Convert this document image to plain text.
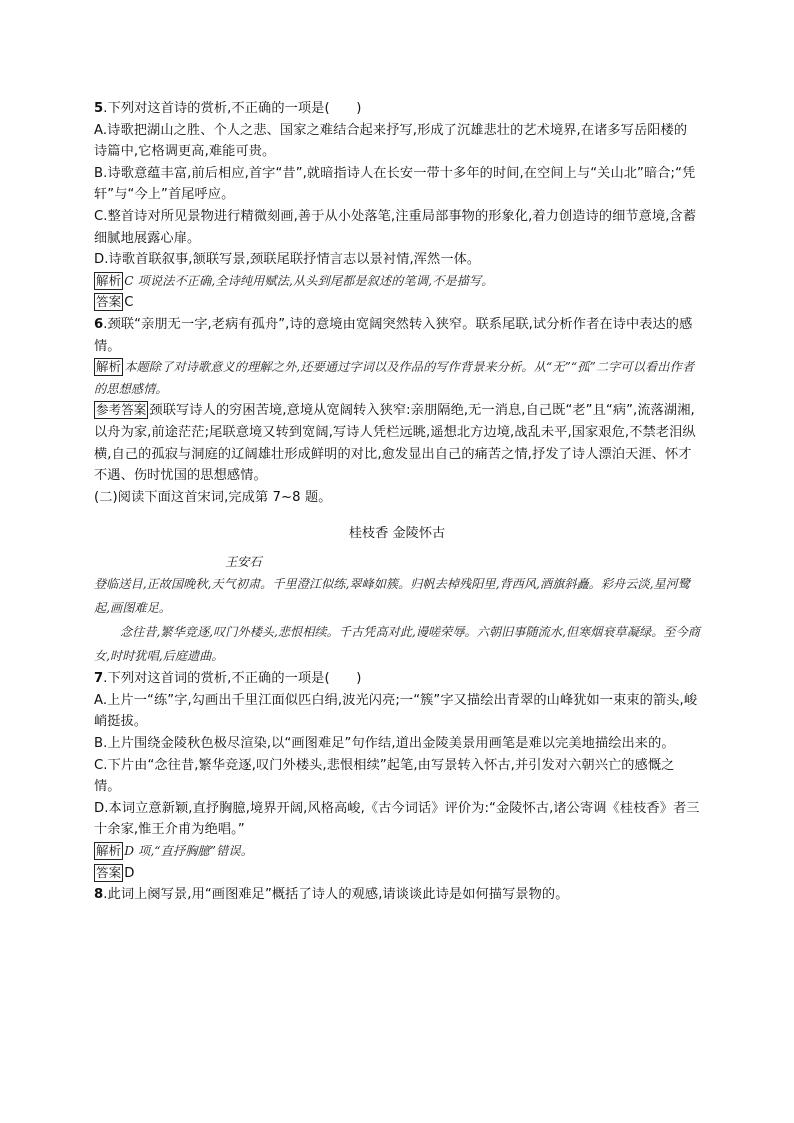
5.下列对这首诗的赏析,不正确的一项是(　　)

A.诗歌把湖山之胜、个人之悲、国家之难结合起来抒写,形成了沉雄悲壮的艺术境界,在诸多写岳阳楼的诗篇中,它格调更高,难能可贵。

B.诗歌意蕴丰富,前后相应,首字“昔”,就暗指诗人在长安一带十多年的时间,在空间上与“关山北”暗合;“凭轩”与“今上”首尾呼应。

C.整首诗对所见景物进行精微刻画,善于从小处落笔,注重局部事物的形象化,着力创造诗的细节意境,含蓄细腻地展露心扉。

D.诗歌首联叙事,颔联写景,颈联尾联抒情言志以景衬情,浑然一体。

解析 C 项说法不正确,全诗纯用赋法,从头到尾都是叙述的笔调,不是描写。

答案 C

6.颈联“亲朋无一字,老病有孤舟”,诗的意境由宽阔突然转入狭窄。联系尾联,试分析作者在诗中表达的感情。

解析 本题除了对诗歌意义的理解之外,还要通过字词以及作品的写作背景来分析。从“无”“孤”二字可以看出作者的思想感情。

参考答案 颈联写诗人的穷困苦境,意境从宽阔转入狭窄:亲朋隔绝,无一消息,自己既“老”且“病”,流落湖湘,以舟为家,前途茫茫;尾联意境又转到宽阔,写诗人凭栏远眺,遥想北方边境,战乱未平,国家艰危,不禁老泪纵横,自己的孤寂与洞庭的辽阔雄壮形成鲜明的对比,愈发显出自己的痛苦之情,抒发了诗人漂泊天涯、怀才不遇、伤时忧国的思想感情。

(二)阅读下面这首宋词,完成第 7~8 题。

桂枝香 金陵怀古

王安石

登临送目,正故国晚秋,天气初肃。千里澄江似练,翠峰如簇。归帆去棹残阳里,背西风,酒旗斜矗。彩舟云淡,星河鹭起,画图难足。

念往昔,繁华竞逐,叹门外楼头,悲恨相续。千古凭高对此,谩嗟荣辱。六朝旧事随流水,但寒烟衰草凝绿。至今商女,时时犹唱,后庭遗曲。

7.下列对这首词的赏析,不正确的一项是(　　)

A.上片一“练”字,勾画出千里江面似匹白绢,波光闪亮;一“簇”字又描绘出青翠的山峰犹如一束束的箭头,峻峭挺拔。

B.上片围绕金陵秋色极尽渲染,以“画图难足”句作结,道出金陵美景用画笔是难以完美地描绘出来的。

C.下片由“念往昔,繁华竞逐,叹门外楼头,悲恨相续”起笔,由写景转入怀古,并引发对六朝兴亡的感慨之情。

D.本词立意新颖,直抒胸臆,境界开阔,风格高峻,《古今词话》评价为:“金陵怀古,诸公寄调《桂枝香》者三十余家,惟王介甫为绝唱。”

解析 D 项,“直抒胸臆”错误。

答案 D

8.此词上阕写景,用“画图难足”概括了诗人的观感,请谈谈此诗是如何描写景物的。
